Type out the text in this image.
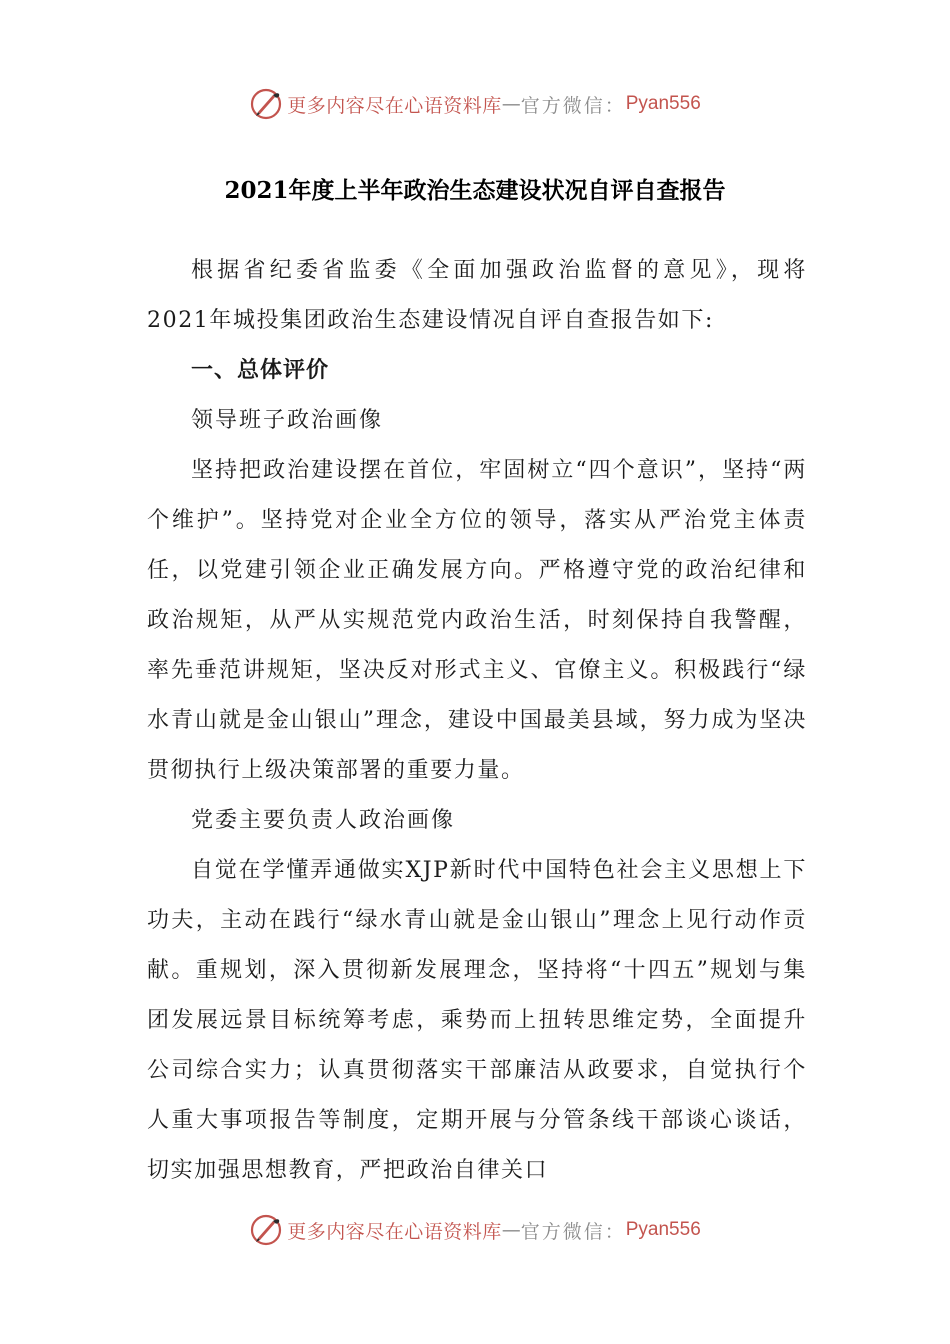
更多内容尽在心语资料库 — 官方微信： Pyan556
2021年度上半年政治生态建设状况自评自查报告

根据省纪委省监委《全面加强政治监督的意见》，现将2021年城投集团政治生态建设情况自评自查报告如下:

一、总体评价

领导班子政治画像

坚持把政治建设摆在首位，牢固树立“四个意识”，坚持“两个维护”。坚持党对企业全方位的领导，落实从严治党主体责任，以党建引领企业正确发展方向。严格遵守党的政治纪律和政治规矩，从严从实规范党内政治生活，时刻保持自我警醒，率先垂范讲规矩，坚决反对形式主义、官僚主义。积极践行“绿水青山就是金山银山”理念，建设中国最美县域，努力成为坚决贯彻执行上级决策部署的重要力量。

党委主要负责人政治画像

自觉在学懂弄通做实XJP新时代中国特色社会主义思想上下功夫，主动在践行“绿水青山就是金山银山”理念上见行动作贡献。重规划，深入贯彻新发展理念，坚持将“十四五”规划与集团发展远景目标统筹考虑，乘势而上扭转思维定势，全面提升公司综合实力；认真贯彻落实干部廉洁从政要求，自觉执行个人重大事项报告等制度，定期开展与分管条线干部谈心谈话，切实加强思想教育，严把政治自律关口

更多内容尽在心语资料库 — 官方微信： Pyan556
